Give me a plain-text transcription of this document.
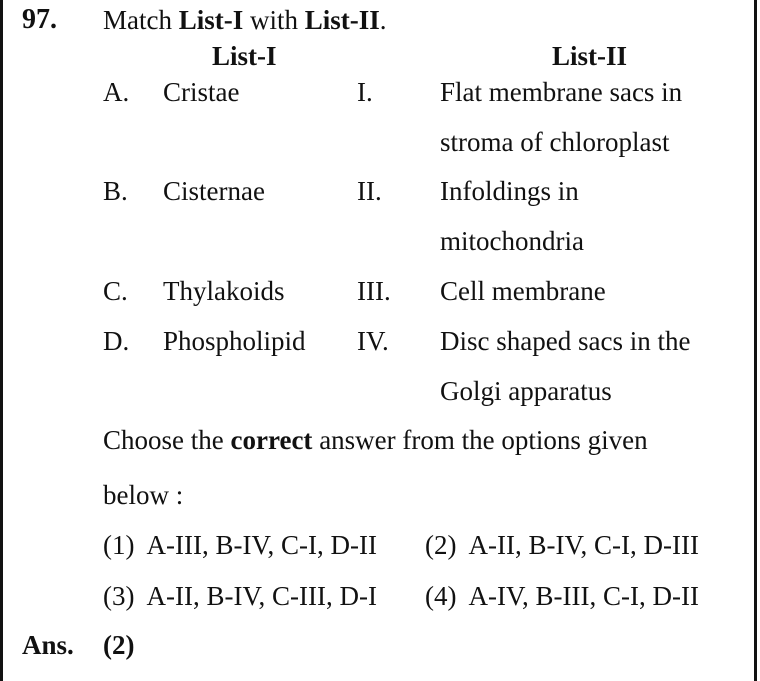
97. Match List-I with List-II.
List-I	List-II
A. Cristae	I. Flat membrane sacs in
stroma of chloroplast
B. Cisternae	II. Infoldings in
mitochondria
C. Thylakoids	III. Cell membrane
D. Phospholipid IV. Disc shaped sacs in the
Golgi apparatus
Choose the correct answer from the options given
below :
(1) A-III, B-IV, C-I, D-II (2) A-II, B-IV, C-I, D-III
(3) A-II, B-IV, C-III, D-I (4) A-IV, B-III, C-I, D-II
Ans. (2)
